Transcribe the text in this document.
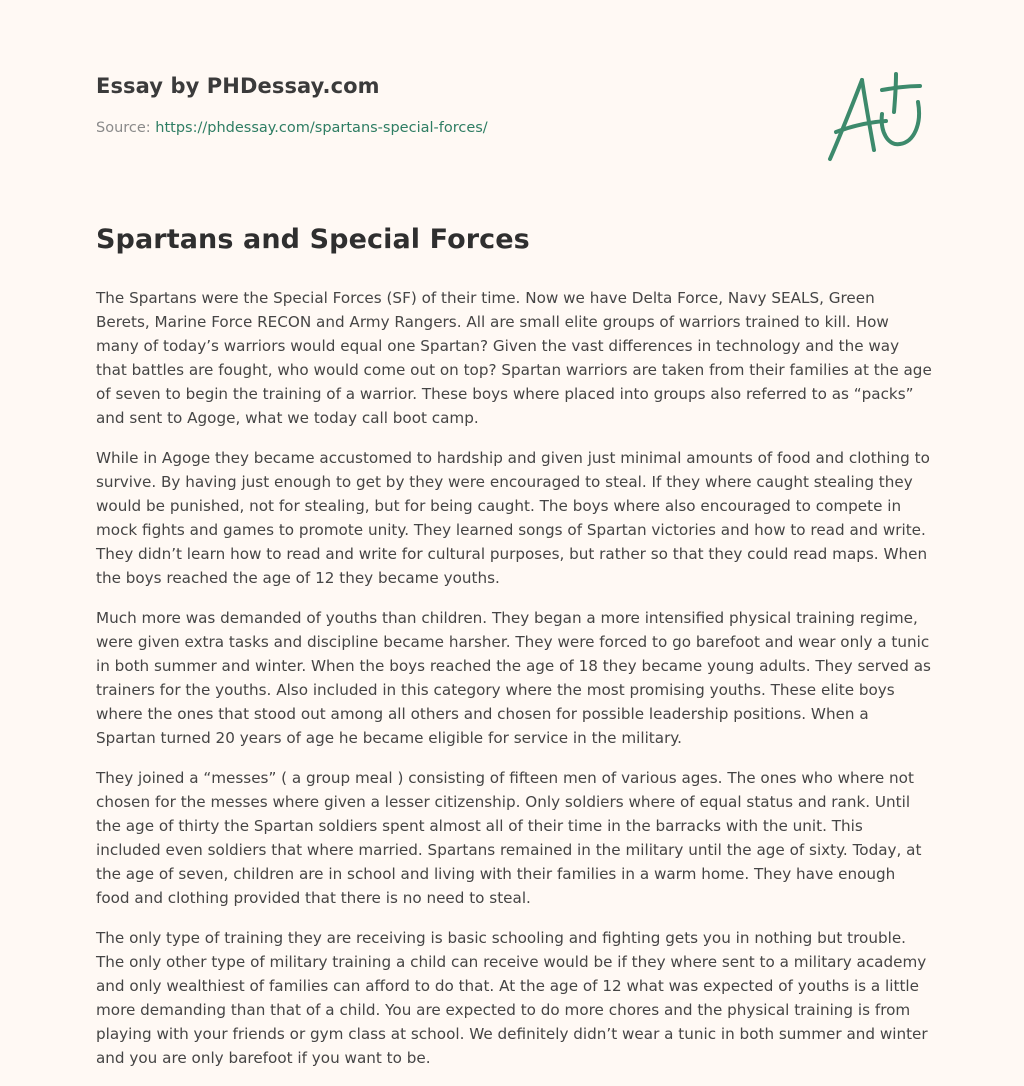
Essay by PHDessay.com
Source: https://phdessay.com/spartans-special-forces/
Spartans and Special Forces

The Spartans were the Special Forces (SF) of their time. Now we have Delta Force, Navy SEALS, Green Berets, Marine Force RECON and Army Rangers. All are small elite groups of warriors trained to kill. How many of today’s warriors would equal one Spartan? Given the vast differences in technology and the way that battles are fought, who would come out on top? Spartan warriors are taken from their families at the age of seven to begin the training of a warrior. These boys where placed into groups also referred to as “packs” and sent to Agoge, what we today call boot camp.

While in Agoge they became accustomed to hardship and given just minimal amounts of food and clothing to survive. By having just enough to get by they were encouraged to steal. If they where caught stealing they would be punished, not for stealing, but for being caught. The boys where also encouraged to compete in mock fights and games to promote unity. They learned songs of Spartan victories and how to read and write. They didn’t learn how to read and write for cultural purposes, but rather so that they could read maps. When the boys reached the age of 12 they became youths.

Much more was demanded of youths than children. They began a more intensified physical training regime, were given extra tasks and discipline became harsher. They were forced to go barefoot and wear only a tunic in both summer and winter. When the boys reached the age of 18 they became young adults. They served as trainers for the youths. Also included in this category where the most promising youths. These elite boys where the ones that stood out among all others and chosen for possible leadership positions. When a Spartan turned 20 years of age he became eligible for service in the military.

They joined a “messes” ( a group meal ) consisting of fifteen men of various ages. The ones who where not chosen for the messes where given a lesser citizenship. Only soldiers where of equal status and rank. Until the age of thirty the Spartan soldiers spent almost all of their time in the barracks with the unit. This included even soldiers that where married. Spartans remained in the military until the age of sixty. Today, at the age of seven, children are in school and living with their families in a warm home. They have enough food and clothing provided that there is no need to steal.

The only type of training they are receiving is basic schooling and fighting gets you in nothing but trouble. The only other type of military training a child can receive would be if they where sent to a military academy and only wealthiest of families can afford to do that. At the age of 12 what was expected of youths is a little more demanding than that of a child. You are expected to do more chores and the physical training is from playing with your friends or gym class at school. We definitely didn’t wear a tunic in both summer and winter and you are only barefoot if you want to be.
